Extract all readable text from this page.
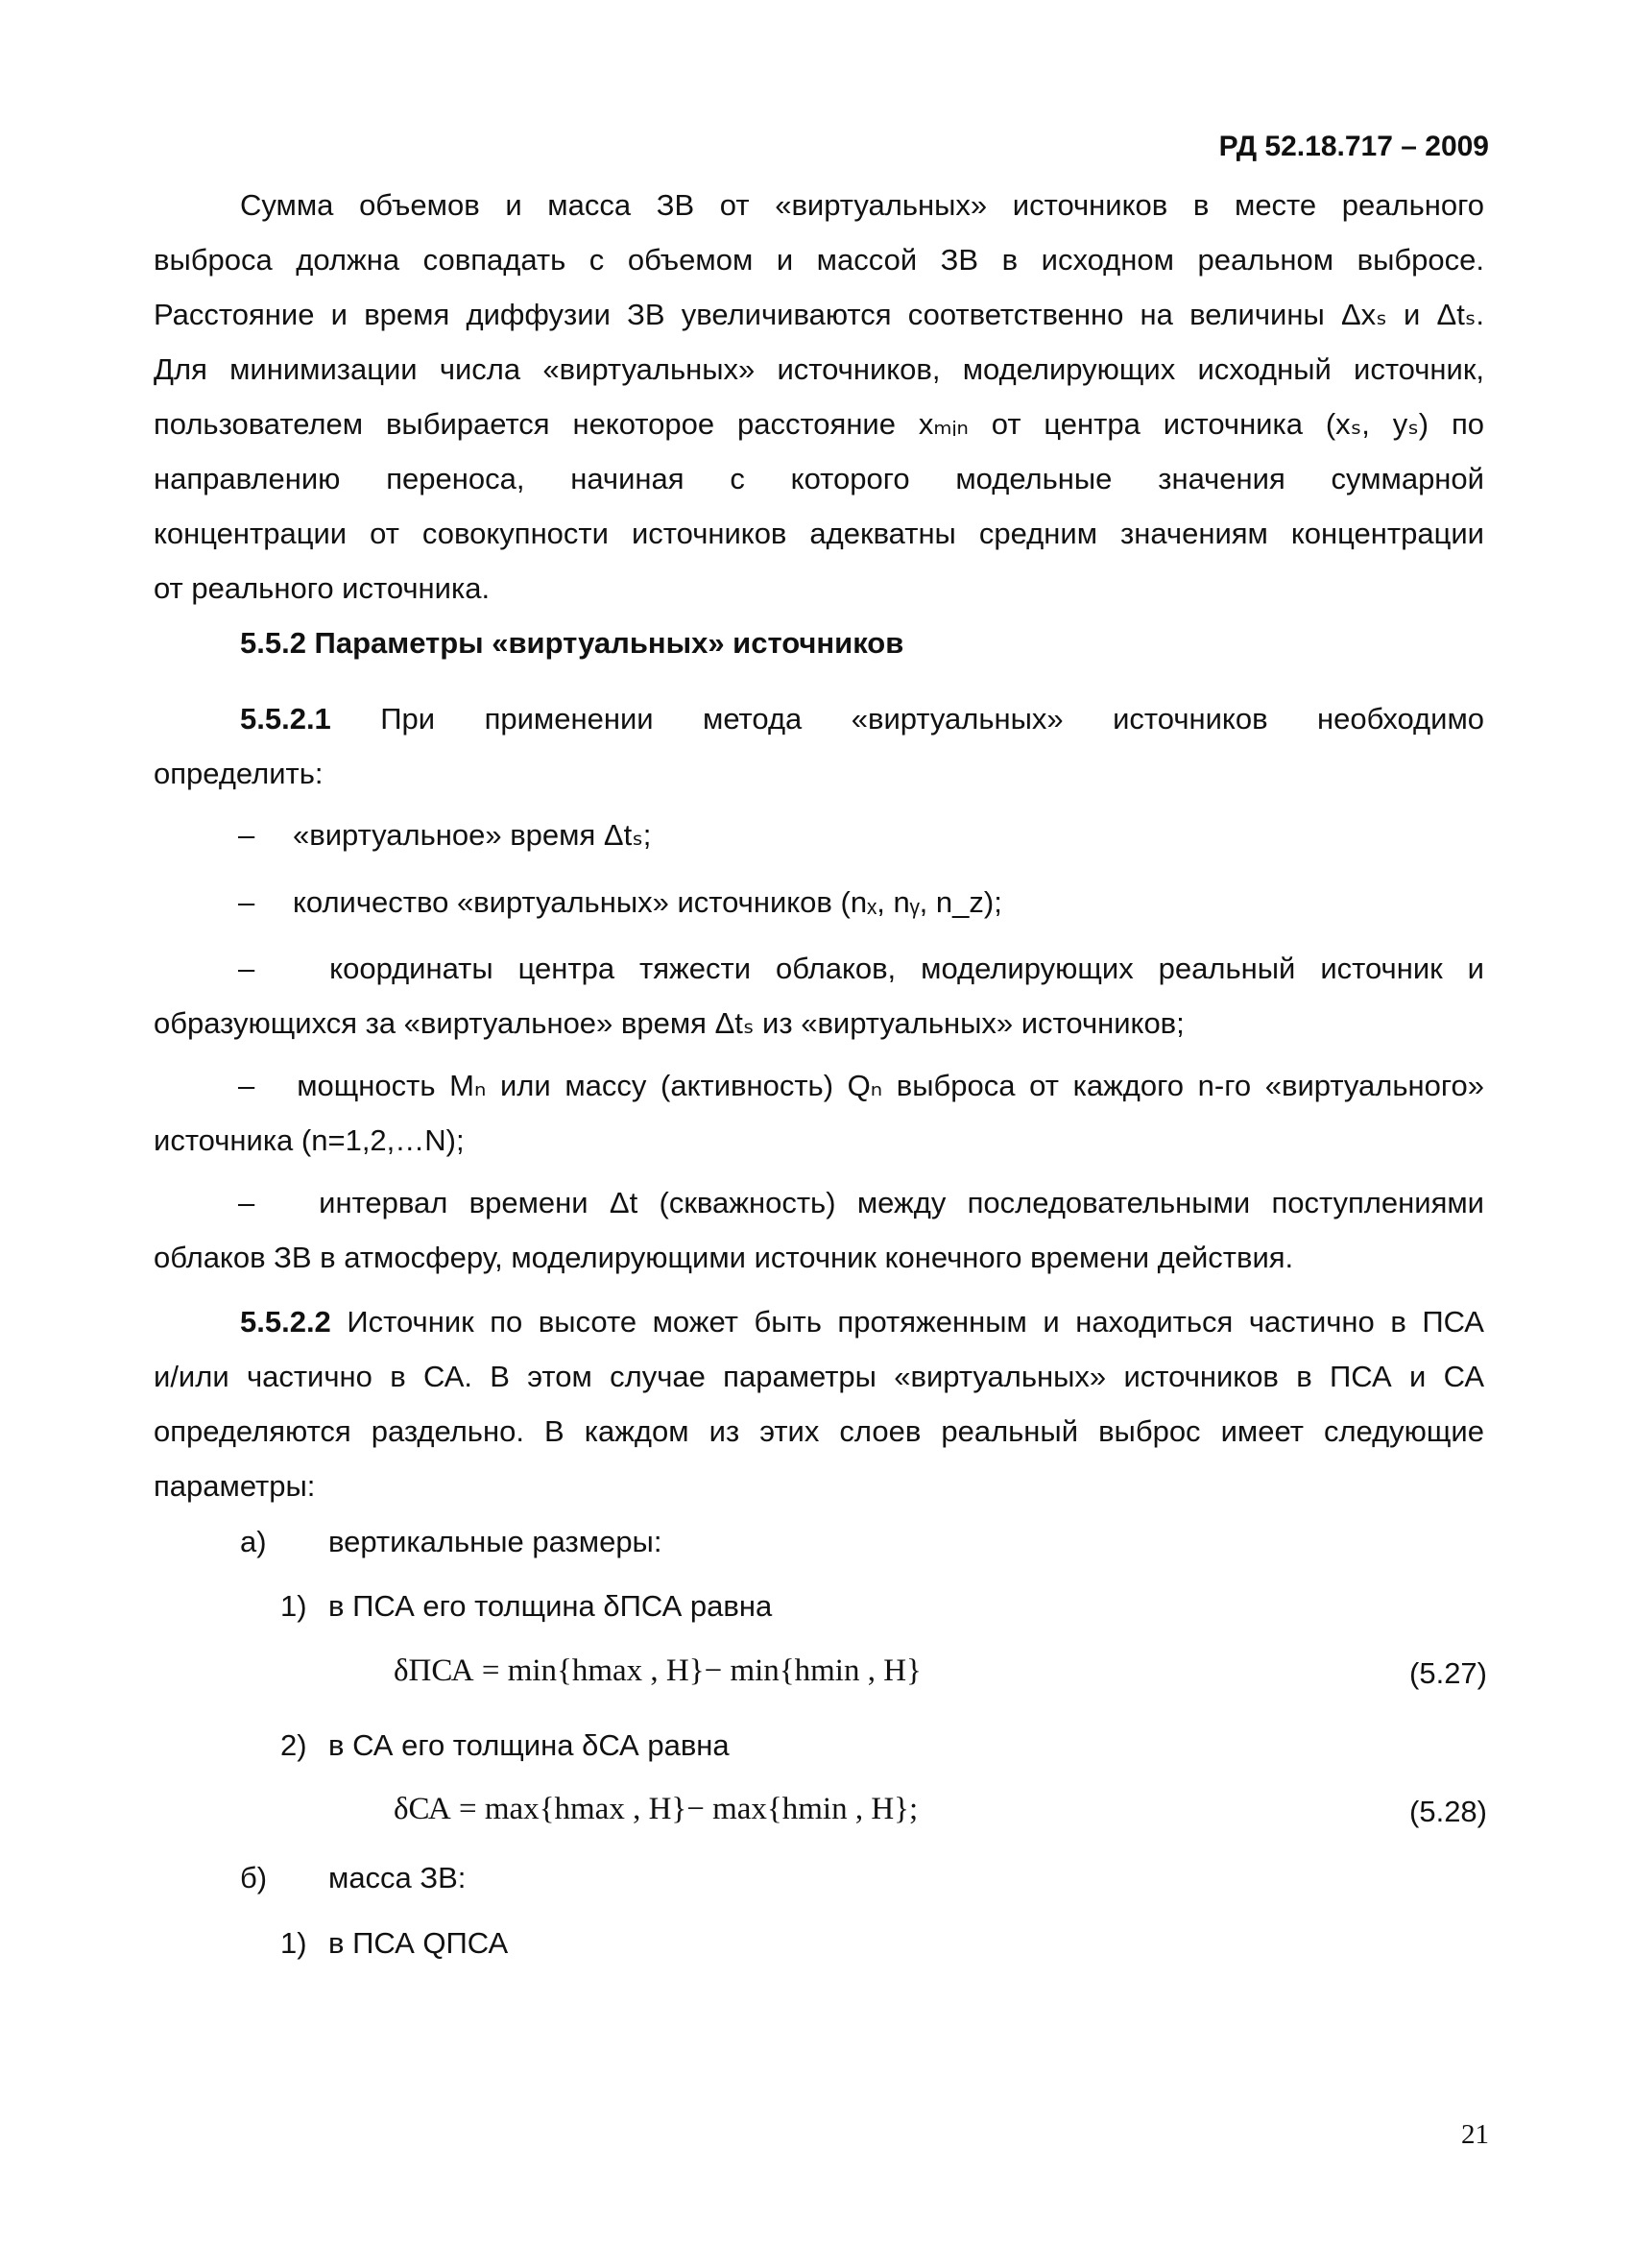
РД 52.18.717 – 2009
Сумма объемов и масса ЗВ от «виртуальных» источников в месте реального
выброса должна совпадать с объемом и массой ЗВ в исходном реальном выбросе.
Расстояние и время диффузии ЗВ увеличиваются соответственно на величины Δxₛ и Δtₛ.
Для минимизации числа «виртуальных» источников, моделирующих исходный источник,
пользователем выбирается некоторое расстояние xₘᵢₙ от центра источника (xₛ, yₛ) по
направлению переноса, начиная с которого модельные значения суммарной
концентрации от совокупности источников адекватны средним значениям концентрации
от реального источника.
5.5.2 Параметры «виртуальных» источников
5.5.2.1 При применении метода «виртуальных» источников необходимо
определить:
– «виртуальное» время Δtₛ;
– количество «виртуальных» источников (nₓ, nᵧ, n_z);
–   координаты центра тяжести облаков, моделирующих реальный источник и
образующихся за «виртуальное» время Δtₛ из «виртуальных» источников;
–   мощность Mₙ или массу (активность) Qₙ выброса от каждого n-го «виртуального»
источника (n=1,2,…N);
–   интервал времени Δt (скважность) между последовательными поступлениями
облаков ЗВ в атмосферу, моделирующими источник конечного времени действия.
5.5.2.2 Источник по высоте может быть протяженным и находиться частично в ПСА
и/или частично в СА. В этом случае параметры «виртуальных» источников в ПСА и СА
определяются раздельно. В каждом из этих слоев реальный выброс имеет следующие
параметры:
а) вертикальные размеры:
1) в ПСА его толщина δПСА равна
δПСА = min{hmax , H}− min{hmin , H}	(5.27)
2) в СА его толщина δСА равна
δСА = max{hmax , H}− max{hmin , H};	(5.28)
б) масса ЗВ:
1) в ПСА QПСА
21
